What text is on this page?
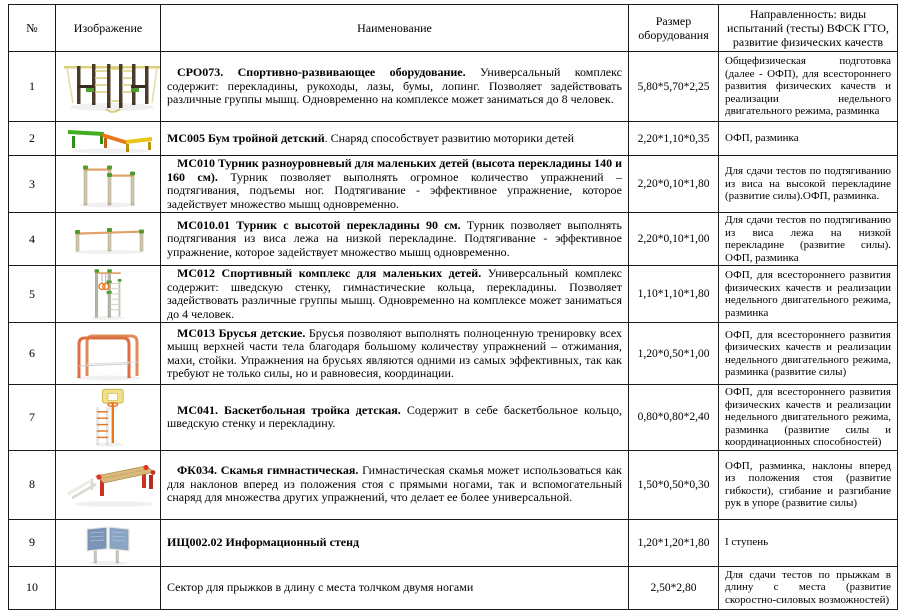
№	Изображение	Наименование	Размер оборудования	Направленность: виды испытаний (тесты) ВФСК ГТО, развитие физических качеств
1		СРО073. Спортивно-развивающее оборудование. Универсальный комплекс содержит: перекладины, рукоходы, лазы, бумы, лопинг. Позволяет задействовать различные группы мышц. Одновременно на комплексе может заниматься до 8 человек.	5,80*5,70*2,25	Общефизическая подготовка (далее - ОФП), для всестороннего развития физических качеств и реализации недельного двигательного режима, разминка
2		МС005 Бум тройной детский. Снаряд способствует развитию моторики детей	2,20*1,10*0,35	ОФП, разминка
3		МС010 Турник разноуровневый для маленьких детей (высота перекладины 140 и 160 см). Турник позволяет выполнять огромное количество упражнений – подтягивания, подъемы ног. Подтягивание - эффективное упражнение, которое задействует множество мышц одновременно.	2,20*0,10*1,80	Для сдачи тестов по подтягиванию из виса на высокой перекладине (развитие силы).ОФП, разминка.
4		МС010.01 Турник с высотой перекладины 90 см. Турник позволяет выполнять подтягивания из виса лежа на низкой перекладине. Подтягивание - эффективное упражнение, которое задействует множество мышц одновременно.	2,20*0,10*1,00	Для сдачи тестов по подтягиванию из виса лежа на низкой перекладине (развитие силы). ОФП, разминка
5		МС012 Спортивный комплекс для маленьких детей. Универсальный комплекс содержит: шведскую стенку, гимнастические кольца, перекладины. Позволяет задействовать различные группы мышц. Одновременно на комплексе может заниматься до 4 человек.	1,10*1,10*1,80	ОФП, для всестороннего развития физических качеств и реализации недельного двигательного режима, разминка
6		МС013 Брусья детские. Брусья позволяют выполнять полноценную тренировку всех мышц верхней части тела благодаря большому количеству упражнений – отжимания, махи, стойки. Упражнения на брусьях являются одними из самых эффективных, так как требуют не только силы, но и равновесия, координации.	1,20*0,50*1,00	ОФП, для всестороннего развития физических качеств и реализации недельного двигательного режима, разминка (развитие силы)
7		МС041. Баскетбольная тройка детская. Содержит в себе баскетбольное кольцо, шведскую стенку и перекладину.	0,80*0,80*2,40	ОФП, для всестороннего развития физических качеств и реализации недельного двигательного режима, разминка (развитие силы и координационных способностей)
8		ФК034. Скамья гимнастическая. Гимнастическая скамья может использоваться как для наклонов вперед из положения стоя с прямыми ногами, так и вспомогательный снаряд для множества других упражнений, что делает ее более универсальной.	1,50*0,50*0,30	ОФП, разминка, наклоны вперед из положения стоя (развитие гибкости), сгибание и разгибание рук в упоре (развитие силы)
9		ИЩ002.02 Информационный стенд	1,20*1,20*1,80	I ступень
10		Сектор для прыжков в длину с места толчком двумя ногами	2,50*2,80	Для сдачи тестов по прыжкам в длину с места (развитие скоростно-силовых возможностей)
